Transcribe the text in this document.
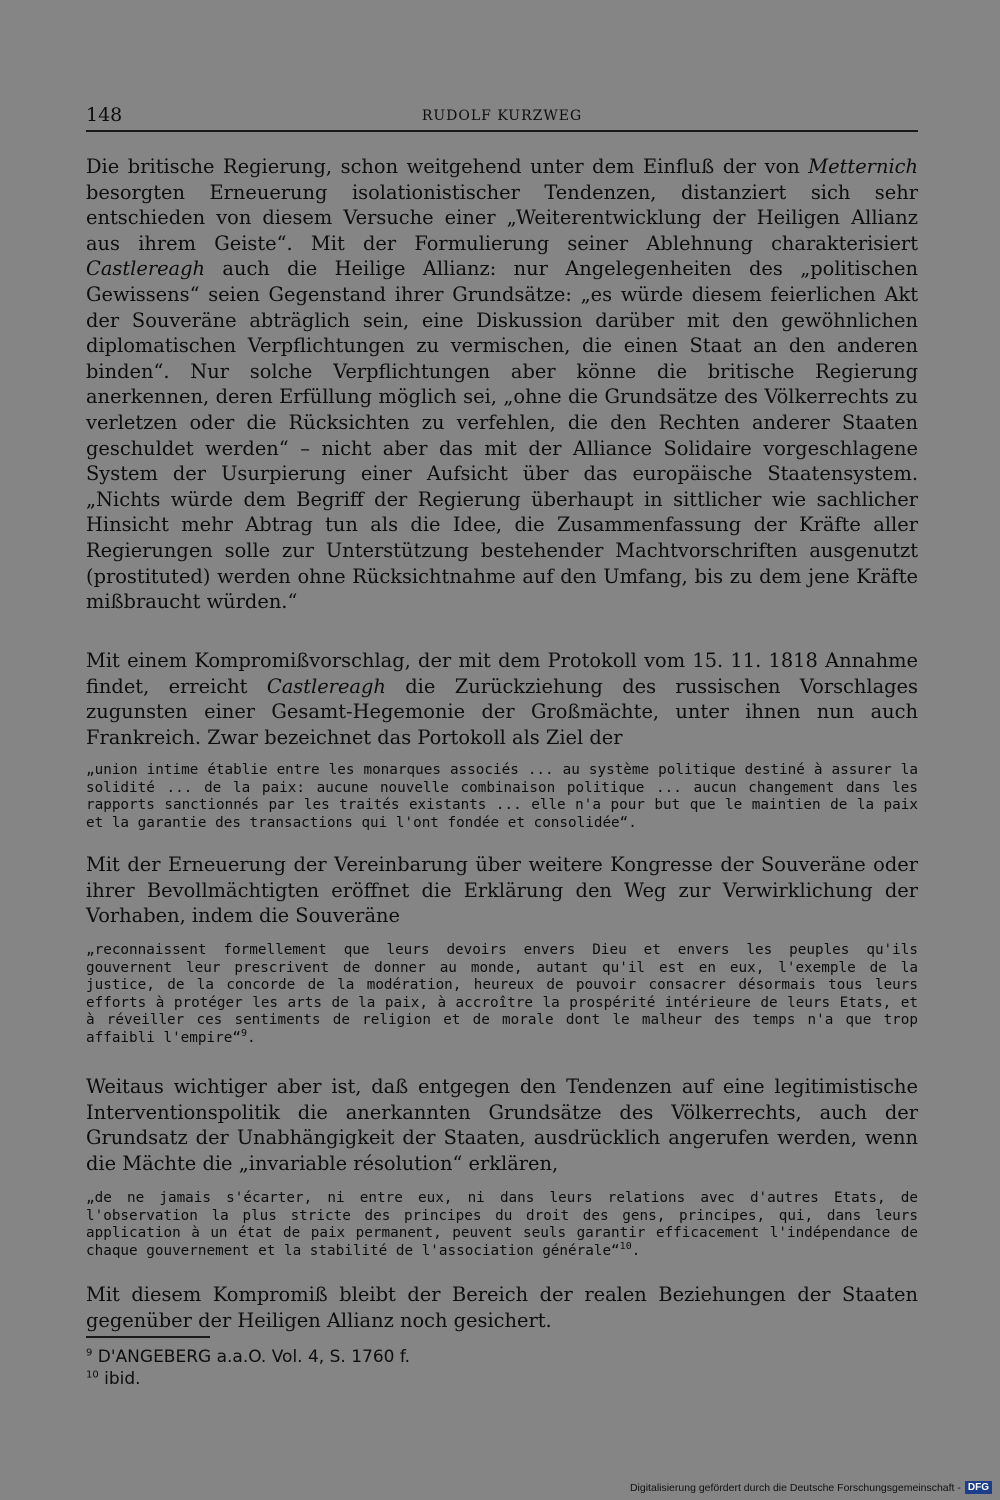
148	RUDOLF KURZWEG
Die britische Regierung, schon weitgehend unter dem Einfluß der von Metternich besorgten Erneuerung isolationistischer Tendenzen, distanziert sich sehr entschieden von diesem Versuche einer „Weiterentwicklung der Heiligen Allianz aus ihrem Geiste“. Mit der Formulierung seiner Ablehnung charakterisiert Castlereagh auch die Heilige Allianz: nur Angelegenheiten des „politischen Gewissens“ seien Gegenstand ihrer Grundsätze: „es würde diesem feierlichen Akt der Souveräne abträglich sein, eine Diskussion darüber mit den gewöhnlichen diplomatischen Verpflichtungen zu vermischen, die einen Staat an den anderen binden“. Nur solche Verpflichtungen aber könne die britische Regierung anerkennen, deren Erfüllung möglich sei, „ohne die Grundsätze des Völkerrechts zu verletzen oder die Rücksichten zu verfehlen, die den Rechten anderer Staaten geschuldet werden“ – nicht aber das mit der Alliance Solidaire vorgeschlagene System der Usurpierung einer Aufsicht über das europäische Staatensystem. „Nichts würde dem Begriff der Regierung überhaupt in sittlicher wie sachlicher Hinsicht mehr Abtrag tun als die Idee, die Zusammenfassung der Kräfte aller Regierungen solle zur Unterstützung bestehender Machtvorschriften ausgenutzt (prostituted) werden ohne Rücksichtnahme auf den Umfang, bis zu dem jene Kräfte mißbraucht würden.“
Mit einem Kompromißvorschlag, der mit dem Protokoll vom 15. 11. 1818 Annahme findet, erreicht Castlereagh die Zurückziehung des russischen Vorschlages zugunsten einer Gesamt-Hegemonie der Großmächte, unter ihnen nun auch Frankreich. Zwar bezeichnet das Portokoll als Ziel der
„union intime établie entre les monarques associés ... au système politique destiné à assurer la solidité ... de la paix: aucune nouvelle combinaison politique ... aucun changement dans les rapports sanctionnés par les traités existants ... elle n'a pour but que le maintien de la paix et la garantie des transactions qui l'ont fondée et consolidée“.
Mit der Erneuerung der Vereinbarung über weitere Kongresse der Souveräne oder ihrer Bevollmächtigten eröffnet die Erklärung den Weg zur Verwirklichung der Vorhaben, indem die Souveräne
„reconnaissent formellement que leurs devoirs envers Dieu et envers les peuples qu'ils gouvernent leur prescrivent de donner au monde, autant qu'il est en eux, l'exemple de la justice, de la concorde de la modération, heureux de pouvoir consacrer désormais tous leurs efforts à protéger les arts de la paix, à accroître la prospérité intérieure de leurs Etats, et à réveiller ces sentiments de religion et de morale dont le malheur des temps n'a que trop affaibli l'empire“$^9$.
Weitaus wichtiger aber ist, daß entgegen den Tendenzen auf eine legitimistische Interventionspolitik die anerkannten Grundsätze des Völkerrechts, auch der Grundsatz der Unabhängigkeit der Staaten, ausdrücklich angerufen werden, wenn die Mächte die „invariable résolution“ erklären,
„de ne jamais s'écarter, ni entre eux, ni dans leurs relations avec d'autres Etats, de l'observation la plus stricte des principes du droit des gens, principes, qui, dans leurs application à un état de paix permanent, peuvent seuls garantir efficacement l'indépendance de chaque gouvernement et la stabilité de l'association générale“$^{10}$.
Mit diesem Kompromiß bleibt der Bereich der realen Beziehungen der Staaten gegenüber der Heiligen Allianz noch gesichert.
$^9$ D'ANGEBERG a.a.O. Vol. 4, S. 1760 f.
$^{10}$ ibid.
Digitalisierung gefördert durch die Deutsche Forschungsgemeinschaft - DFG
